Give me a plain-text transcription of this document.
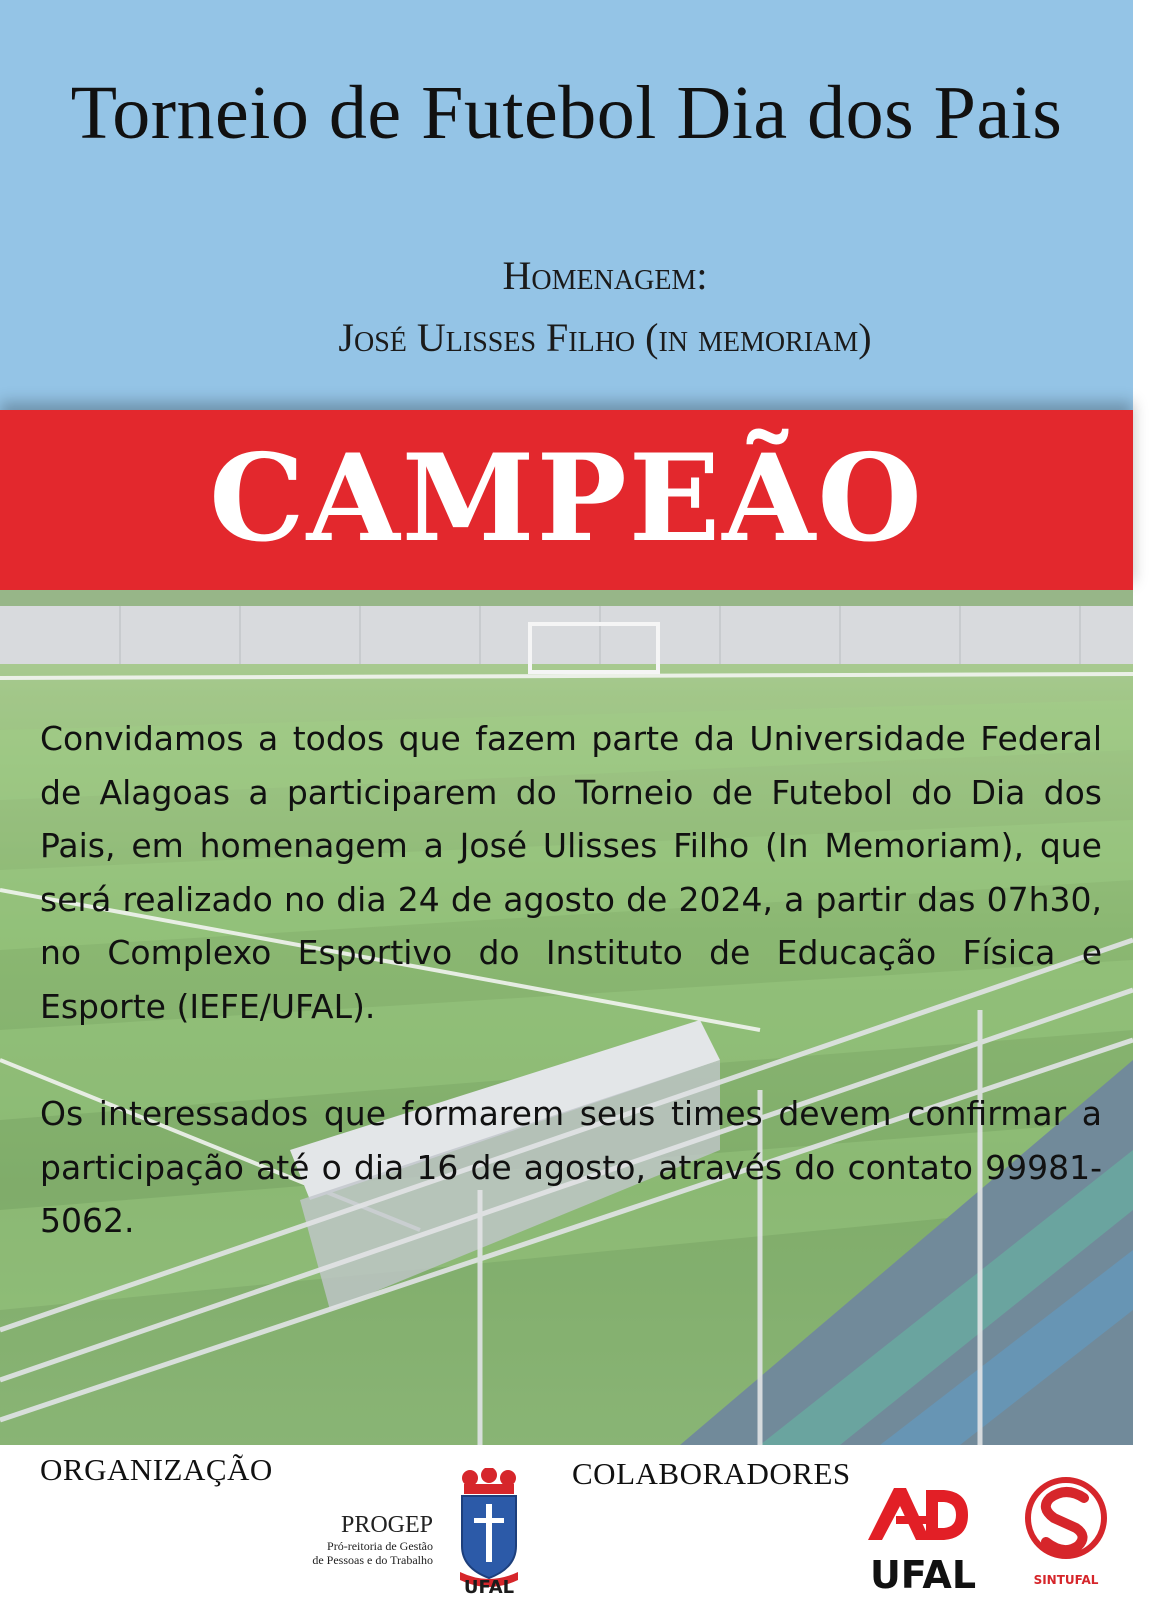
Torneio de Futebol Dia dos Pais
Homenagem:
José Ulisses Filho (in memoriam)
CAMPEÃO

Convidamos a todos que fazem parte da Universidade Federal de Alagoas a participarem do Torneio de Futebol do Dia dos Pais, em homenagem a José Ulisses Filho (In Memoriam), que será realizado no dia 24 de agosto de 2024, a partir das 07h30, no Complexo Esportivo do Instituto de Educação Física e Esporte (IEFE/UFAL).

Os interessados que formarem seus times devem confirmar a participação até o dia 16 de agosto, através do contato 99981-5062.

ORGANIZAÇÃO	COLABORADORES
PROGEP
Pró-reitoria de Gestão
de Pessoas e do Trabalho
UFAL	UFAL	SINTUFAL
